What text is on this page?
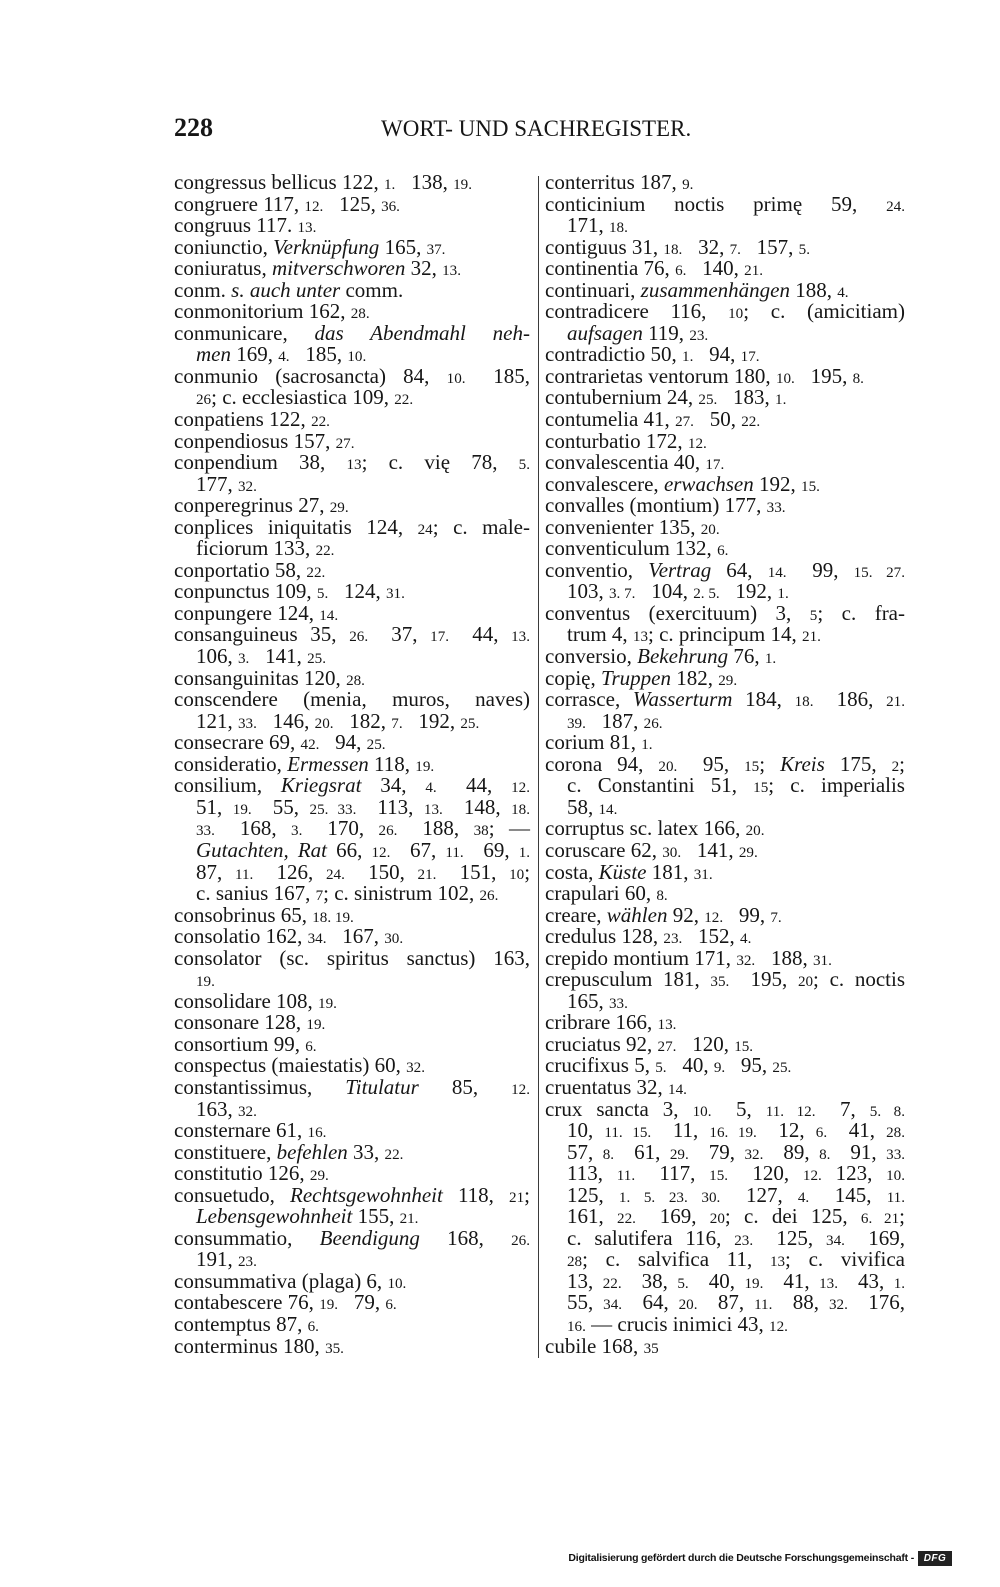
228	WORT- UND SACHREGISTER.
congressus bellicus 122, 1.  138, 19.
congruere 117, 12.  125, 36.
congruus 117. 13.
coniunctio, Verknüpfung 165, 37.
coniuratus, mitverschworen 32, 13.
conm. s. auch unter comm.
conmonitorium 162, 28.
conmunicare, das Abendmahl neh-
men 169, 4.  185, 10.
conmunio (sacrosancta) 84, 10.  185,
26; c. ecclesiastica 109, 22.
conpatiens 122, 22.
conpendiosus 157, 27.
conpendium 38, 13; c. vię 78, 5.
177, 32.
conperegrinus 27, 29.
conplices iniquitatis 124, 24; c. male-
ficiorum 133, 22.
conportatio 58, 22.
conpunctus 109, 5.  124, 31.
conpungere 124, 14.
consanguineus 35, 26.  37, 17.  44, 13.
106, 3.  141, 25.
consanguinitas 120, 28.
conscendere (menia, muros, naves)
121, 33.  146, 20.  182, 7.  192, 25.
consecrare 69, 42.  94, 25.
consideratio, Ermessen 118, 19.
consilium, Kriegsrat 34, 4.  44, 12.
51, 19.  55, 25. 33.  113, 13.  148, 18.
33.  168, 3.  170, 26.  188, 38; —
Gutachten, Rat 66, 12.  67, 11.  69, 1.
87, 11.  126, 24.  150, 21.  151, 10;
c. sanius 167, 7; c. sinistrum 102, 26.
consobrinus 65, 18. 19.
consolatio 162, 34.  167, 30.
consolator (sc. spiritus sanctus) 163,
19.
consolidare 108, 19.
consonare 128, 19.
consortium 99, 6.
conspectus (maiestatis) 60, 32.
constantissimus, Titulatur 85, 12.
163, 32.
consternare 61, 16.
constituere, befehlen 33, 22.
constitutio 126, 29.
consuetudo, Rechtsgewohnheit 118, 21;
Lebensgewohnheit 155, 21.
consummatio, Beendigung 168, 26.
191, 23.
consummativa (plaga) 6, 10.
contabescere 76, 19.  79, 6.
contemptus 87, 6.
conterminus 180, 35.
conterritus 187, 9.
conticinium noctis primę 59, 24.
171, 18.
contiguus 31, 18.  32, 7.  157, 5.
continentia 76, 6.  140, 21.
continuari, zusammenhängen 188, 4.
contradicere 116, 10; c. (amicitiam)
aufsagen 119, 23.
contradictio 50, 1.  94, 17.
contrarietas ventorum 180, 10.  195, 8.
contubernium 24, 25.  183, 1.
contumelia 41, 27.  50, 22.
conturbatio 172, 12.
convalescentia 40, 17.
convalescere, erwachsen 192, 15.
convalles (montium) 177, 33.
convenienter 135, 20.
conventiculum 132, 6.
conventio, Vertrag 64, 14.  99, 15. 27.
103, 3. 7.  104, 2. 5.  192, 1.
conventus (exercituum) 3, 5; c. fra-
trum 4, 13; c. principum 14, 21.
conversio, Bekehrung 76, 1.
copię, Truppen 182, 29.
corrasce, Wasserturm 184, 18.  186, 21.
39.  187, 26.
corium 81, 1.
corona 94, 20.  95, 15; Kreis 175, 2;
c. Constantini 51, 15; c. imperialis
58, 14.
corruptus sc. latex 166, 20.
coruscare 62, 30.  141, 29.
costa, Küste 181, 31.
crapulari 60, 8.
creare, wählen 92, 12.  99, 7.
credulus 128, 23.  152, 4.
crepido montium 171, 32.  188, 31.
crepusculum 181, 35.  195, 20; c. noctis
165, 33.
cribrare 166, 13.
cruciatus 92, 27.  120, 15.
crucifixus 5, 5.  40, 9.  95, 25.
cruentatus 32, 14.
crux sancta 3, 10.  5, 11. 12.  7, 5. 8.
10, 11. 15.  11, 16. 19.  12, 6.  41, 28.
57, 8.  61, 29.  79, 32.  89, 8.  91, 33.
113, 11.  117, 15.  120, 12. 123, 10.
125, 1. 5. 23. 30.  127, 4.  145, 11.
161, 22.  169, 20; c. dei 125, 6. 21;
c. salutifera 116, 23.  125, 34.  169,
28; c. salvifica 11, 13; c. vivifica
13, 22.  38, 5.  40, 19.  41, 13.  43, 1.
55, 34.  64, 20.  87, 11.  88, 32.  176,
16. — crucis inimici 43, 12.
cubile 168, 35
Digitalisierung gefördert durch die Deutsche Forschungsgemeinschaft - DFG
